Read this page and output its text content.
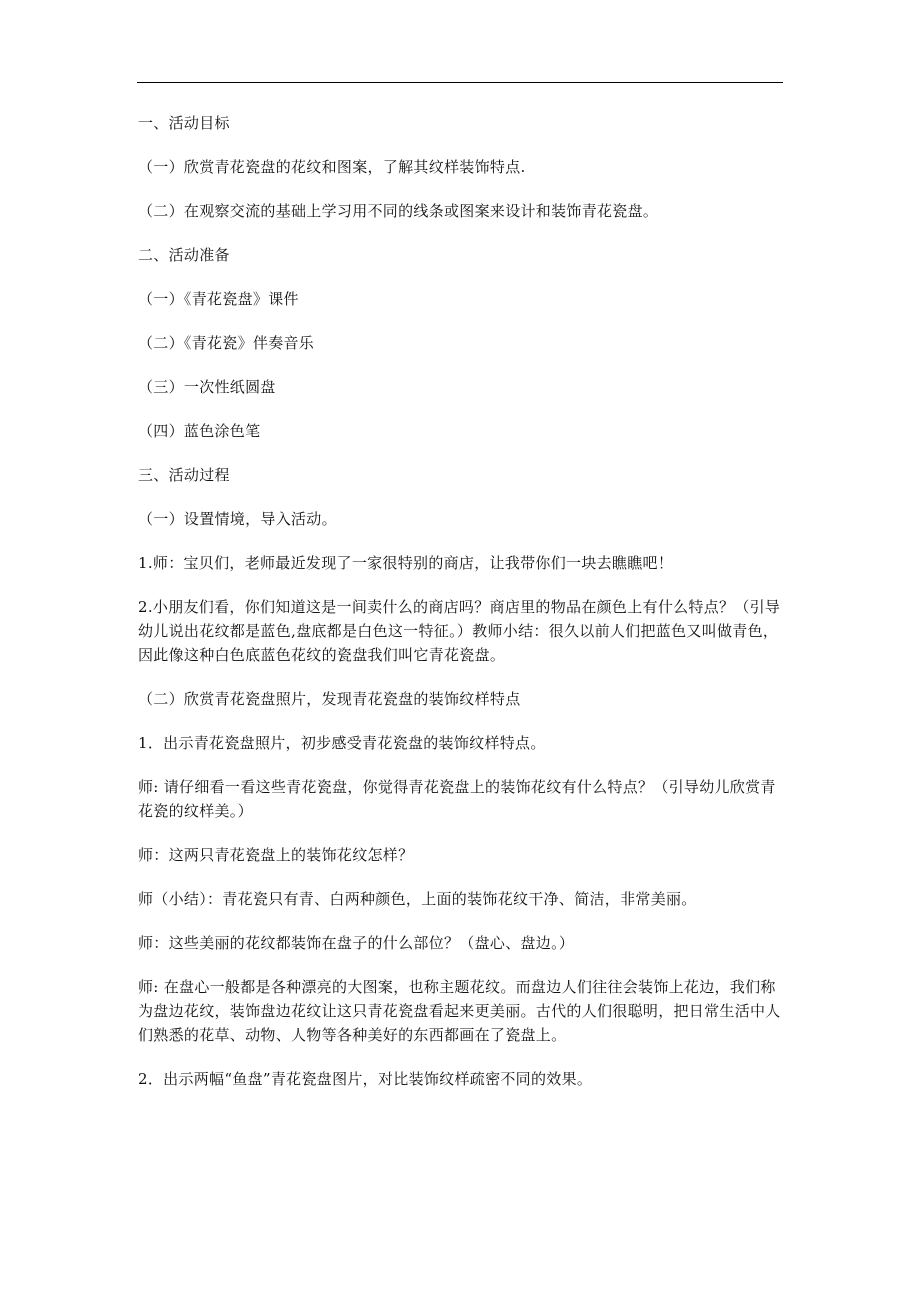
一、活动目标

（一）欣赏青花瓷盘的花纹和图案，了解其纹样装饰特点.

（二）在观察交流的基础上学习用不同的线条或图案来设计和装饰青花瓷盘。

二、活动准备

（一）《青花瓷盘》课件

（二）《青花瓷》伴奏音乐

（三）一次性纸圆盘

（四）蓝色涂色笔

三、活动过程

（一）设置情境，导入活动。

1.师：宝贝们，老师最近发现了一家很特别的商店，让我带你们一块去瞧瞧吧！

2.小朋友们看，你们知道这是一间卖什么的商店吗？商店里的物品在颜色上有什么特点？（引导幼儿说出花纹都是蓝色,盘底都是白色这一特征。）教师小结：很久以前人们把蓝色又叫做青色，因此像这种白色底蓝色花纹的瓷盘我们叫它青花瓷盘。

（二）欣赏青花瓷盘照片，发现青花瓷盘的装饰纹样特点

1．出示青花瓷盘照片，初步感受青花瓷盘的装饰纹样特点。

师: 请仔细看一看这些青花瓷盘，你觉得青花瓷盘上的装饰花纹有什么特点？（引导幼儿欣赏青花瓷的纹样美。）

师：这两只青花瓷盘上的装饰花纹怎样？

师（小结）：青花瓷只有青、白两种颜色，上面的装饰花纹干净、简洁，非常美丽。

师：这些美丽的花纹都装饰在盘子的什么部位？（盘心、盘边。）

师: 在盘心一般都是各种漂亮的大图案，也称主题花纹。而盘边人们往往会装饰上花边，我们称为盘边花纹，装饰盘边花纹让这只青花瓷盘看起来更美丽。古代的人们很聪明，把日常生活中人们熟悉的花草、动物、人物等各种美好的东西都画在了瓷盘上。

2．出示两幅“鱼盘”青花瓷盘图片，对比装饰纹样疏密不同的效果。
